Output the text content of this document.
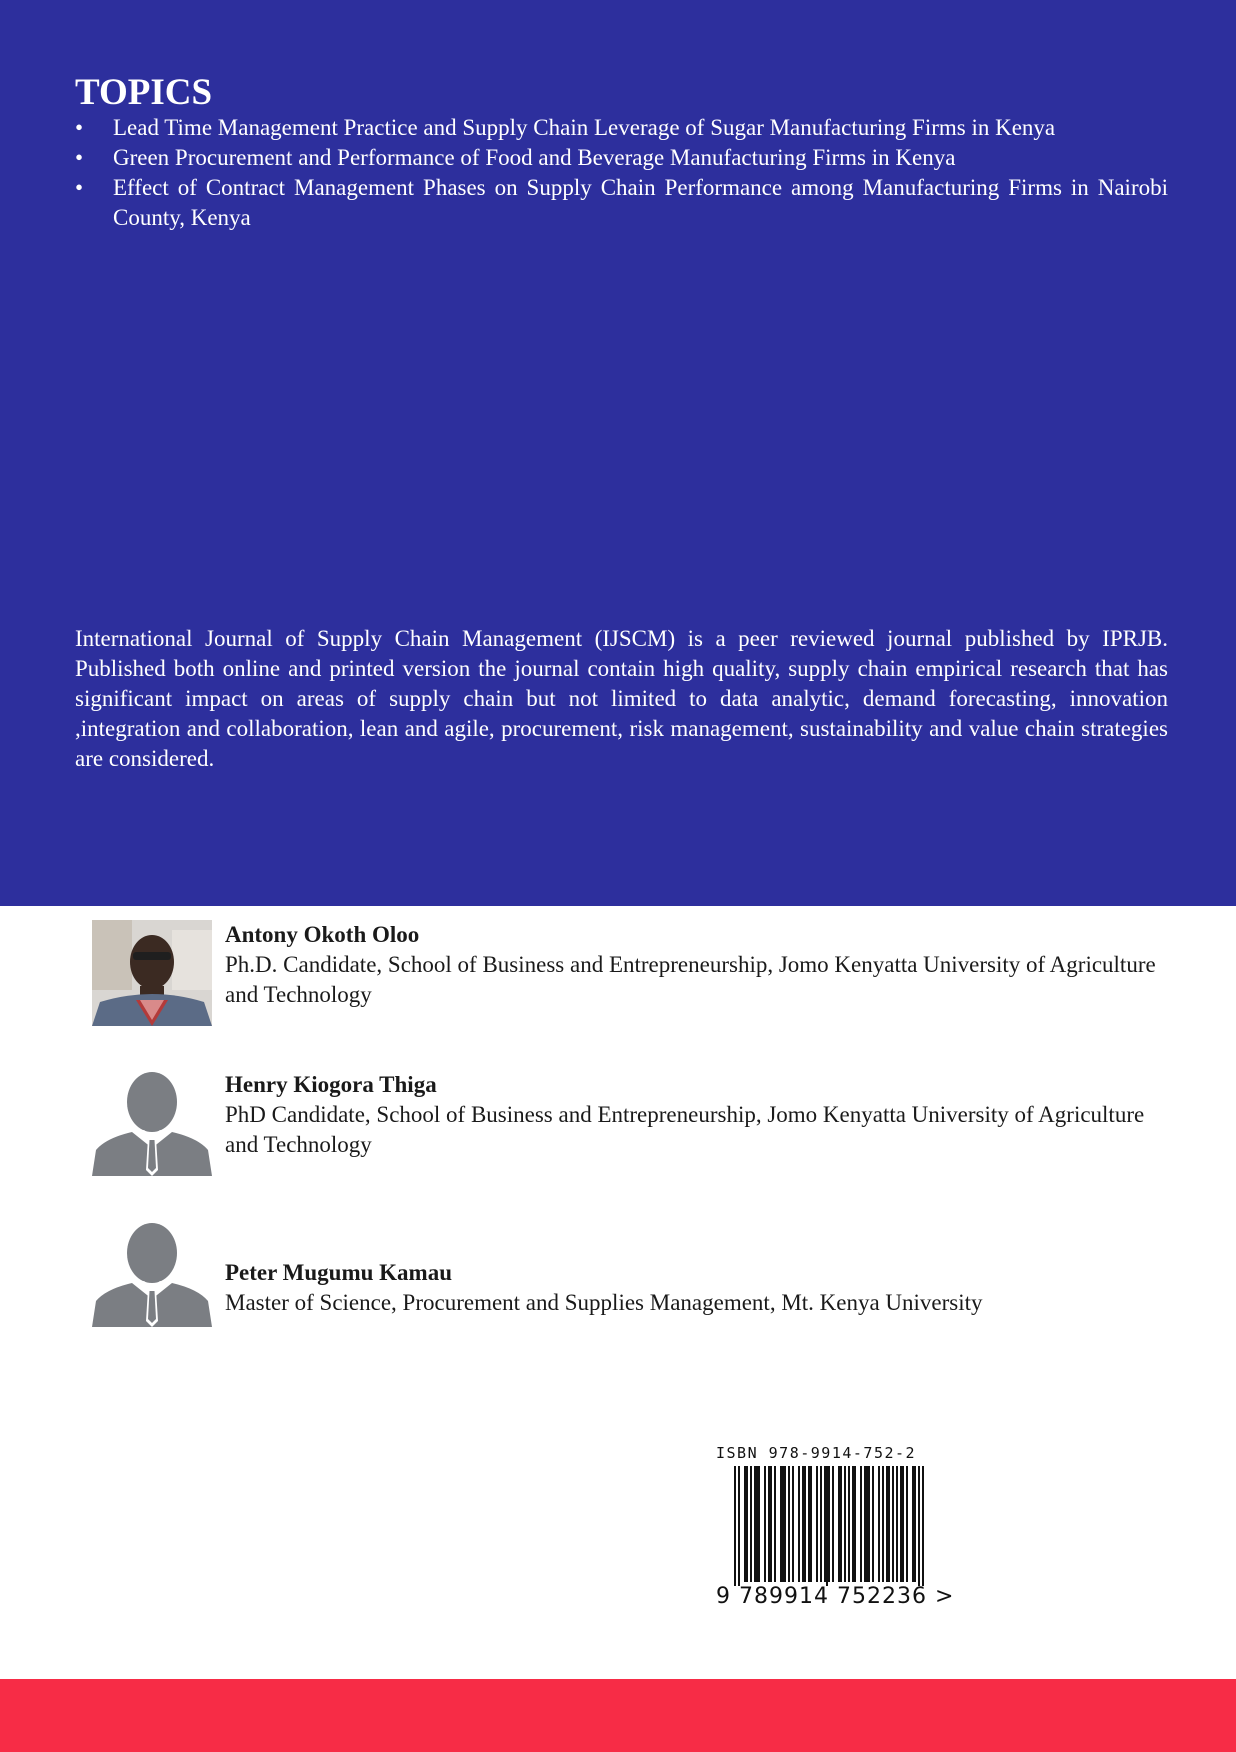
TOPICS
• Lead Time Management Practice and Supply Chain Leverage of Sugar Manufacturing Firms in Kenya
• Green Procurement and Performance of Food and Beverage Manufacturing Firms in Kenya
• Effect of Contract Management Phases on Supply Chain Performance among Manufacturing Firms in Nairobi County, Kenya

International Journal of Supply Chain Management (IJSCM) is a peer reviewed journal published by IPRJB. Published both online and printed version the journal contain high quality, supply chain empirical research that has significant impact on areas of supply chain but not limited to data analytic, demand forecasting, innovation ,integration and collaboration, lean and agile, procurement, risk management, sustainability and value chain strategies are considered.

Antony Okoth Oloo
Ph.D. Candidate, School of Business and Entrepreneurship, Jomo Kenyatta University of Agriculture and Technology
Henry Kiogora Thiga
PhD Candidate, School of Business and Entrepreneurship, Jomo Kenyatta University of Agriculture and Technology
Peter Mugumu Kamau
Master of Science, Procurement and Supplies Management, Mt. Kenya University
ISBN 978-9914-752-2
9 789914 752236 >
